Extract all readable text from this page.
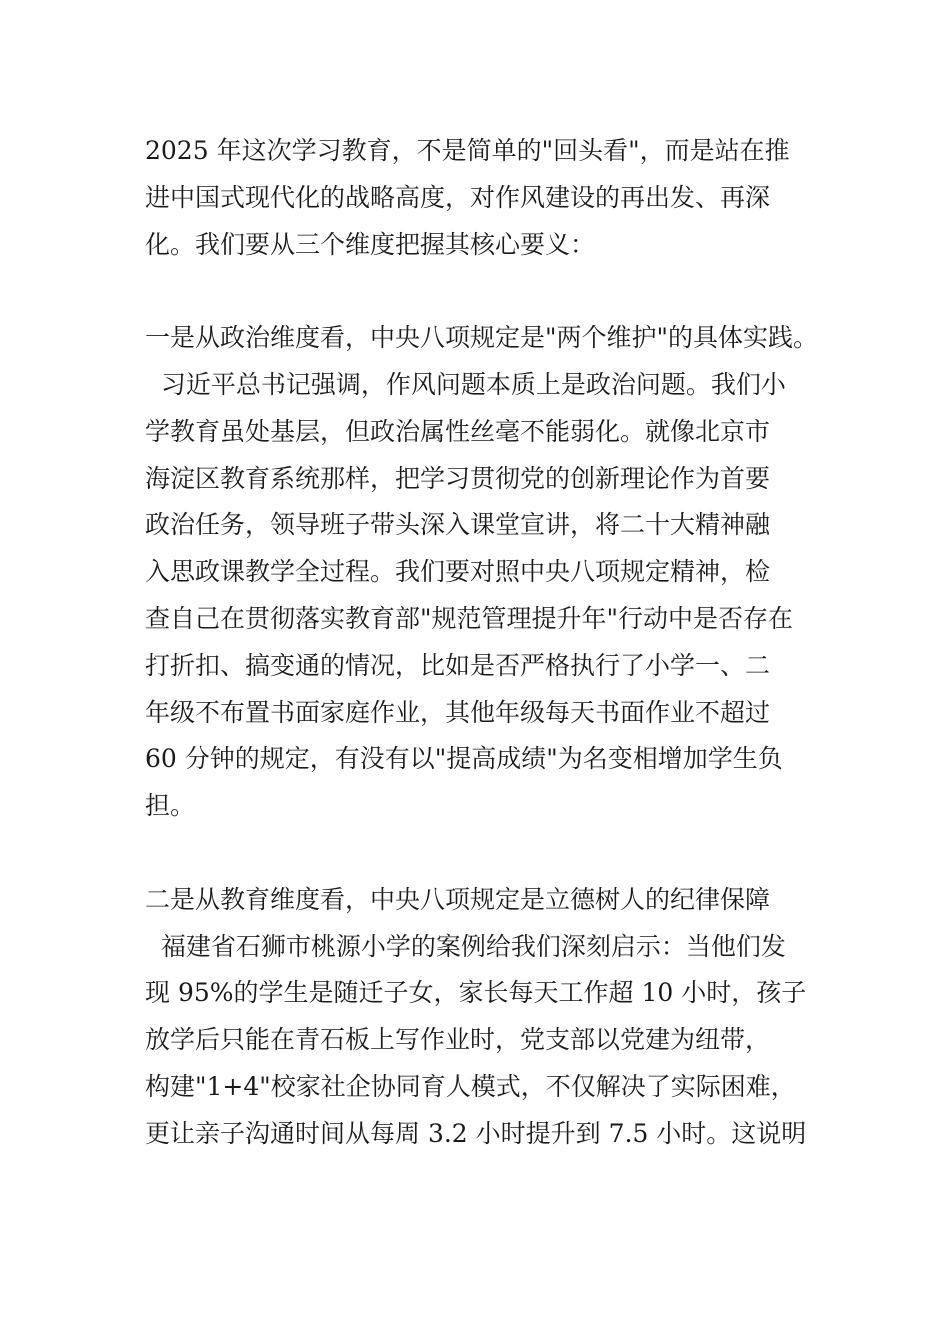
2025 年这次学习教育，不是简单的"回头看"，而是站在推
进中国式现代化的战略高度，对作风建设的再出发、再深
化。我们要从三个维度把握其核心要义：
一是从政治维度看，中央八项规定是"两个维护"的具体实践。
习近平总书记强调，作风问题本质上是政治问题。我们小
学教育虽处基层，但政治属性丝毫不能弱化。就像北京市
海淀区教育系统那样，把学习贯彻党的创新理论作为首要
政治任务，领导班子带头深入课堂宣讲，将二十大精神融
入思政课教学全过程。我们要对照中央八项规定精神，检
查自己在贯彻落实教育部"规范管理提升年"行动中是否存在
打折扣、搞变通的情况，比如是否严格执行了小学一、二
年级不布置书面家庭作业，其他年级每天书面作业不超过
60 分钟的规定，有没有以"提高成绩"为名变相增加学生负
担。
二是从教育维度看，中央八项规定是立德树人的纪律保障
福建省石狮市桃源小学的案例给我们深刻启示：当他们发
现 95%的学生是随迁子女，家长每天工作超 10 小时，孩子
放学后只能在青石板上写作业时，党支部以党建为纽带，
构建"1+4"校家社企协同育人模式，不仅解决了实际困难，
更让亲子沟通时间从每周 3.2 小时提升到 7.5 小时。这说明
